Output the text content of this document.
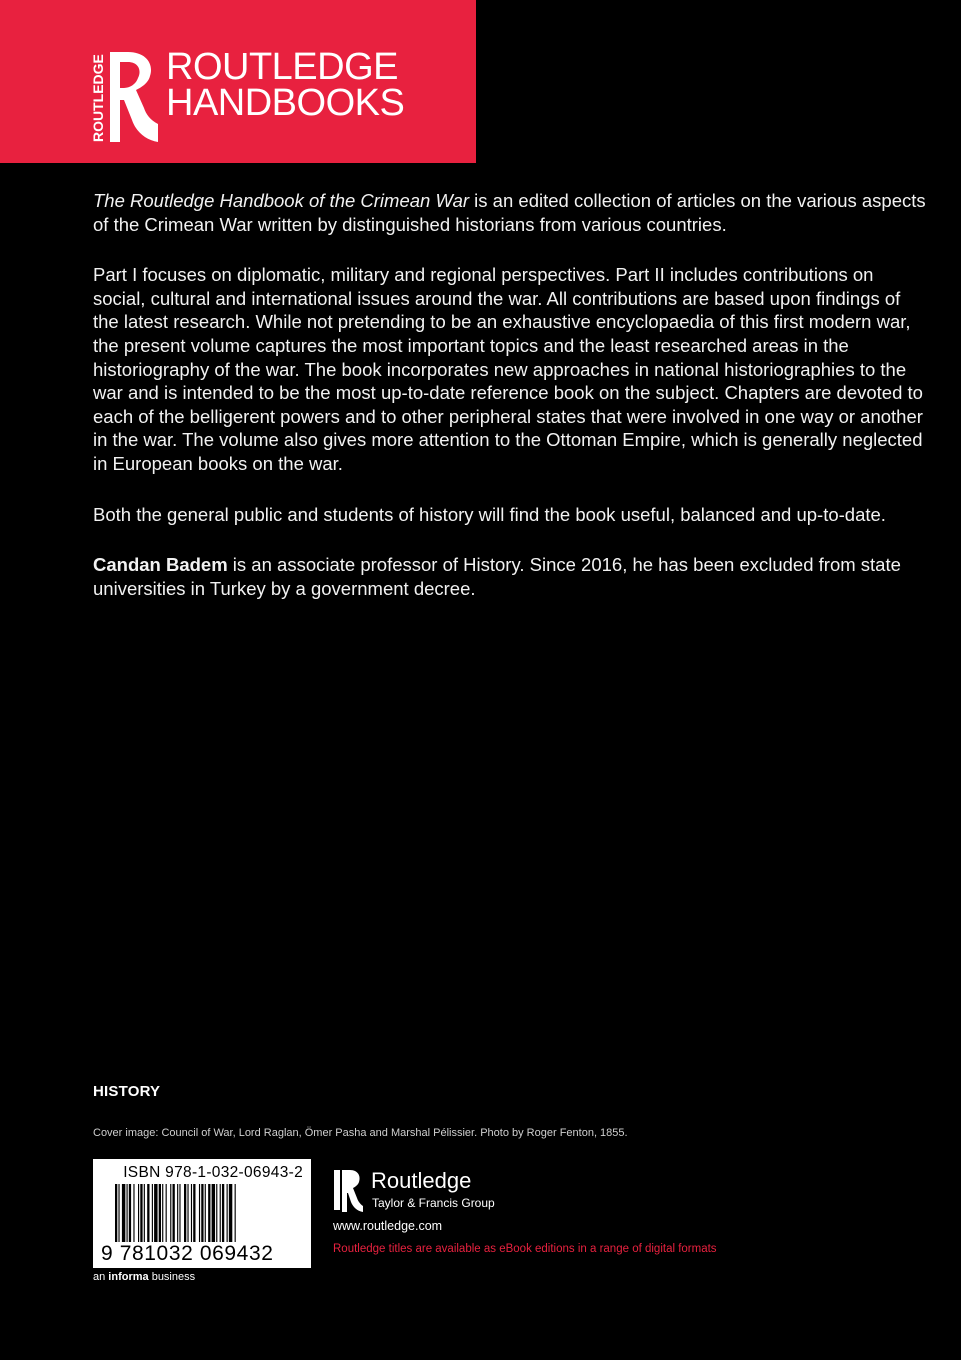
ROUTLEDGE ROUTLEDGE
HANDBOOKS

The Routledge Handbook of the Crimean War is an edited collection of articles on the various aspects of the Crimean War written by distinguished historians from various countries.

Part I focuses on diplomatic, military and regional perspectives. Part II includes contributions on social, cultural and international issues around the war. All contributions are based upon findings of the latest research. While not pretending to be an exhaustive encyclopaedia of this first modern war, the present volume captures the most important topics and the least researched areas in the historiography of the war. The book incorporates new approaches in national historiographies to the war and is intended to be the most up-to-date reference book on the subject. Chapters are devoted to each of the belligerent powers and to other peripheral states that were involved in one way or another in the war. The volume also gives more attention to the Ottoman Empire, which is generally neglected in European books on the war.

Both the general public and students of history will find the book useful, balanced and up-to-date.

Candan Badem is an associate professor of History. Since 2016, he has been excluded from state universities in Turkey by a government decree.

HISTORY
Cover image: Council of War, Lord Raglan, Ömer Pasha and Marshal Pélissier. Photo by Roger Fenton, 1855.
ISBN 978-1-032-06943-2
9 781032 069432
an informa business
Routledge
Taylor & Francis Group
www.routledge.com
Routledge titles are available as eBook editions in a range of digital formats
